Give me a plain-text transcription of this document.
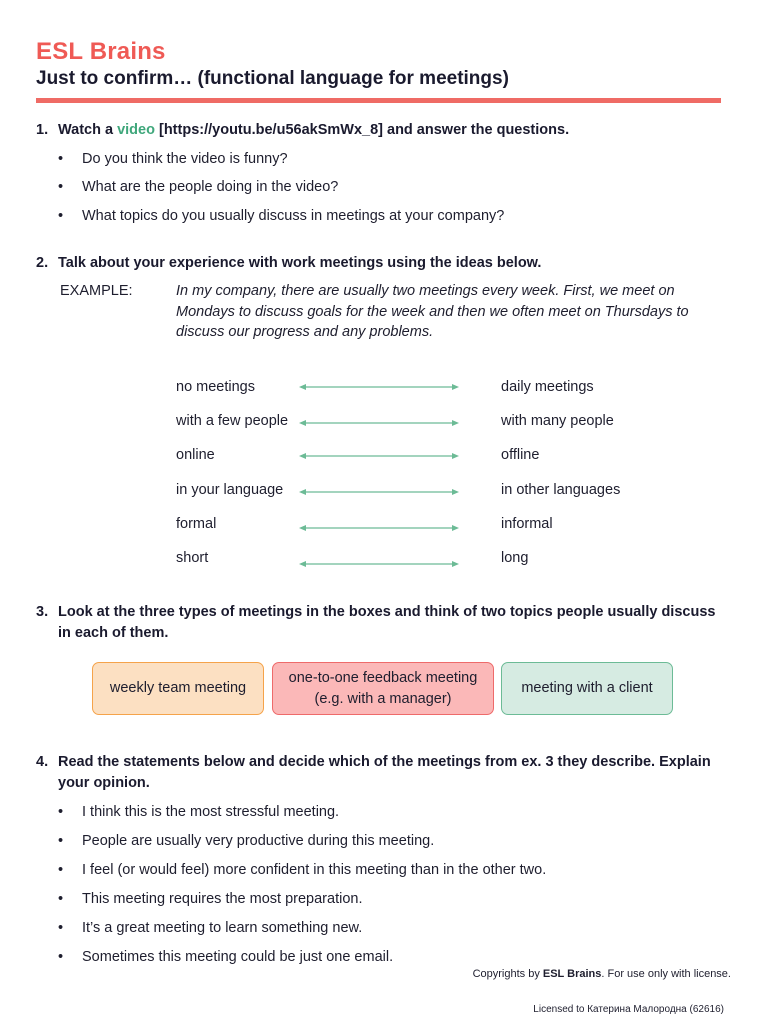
ESL Brains
Just to confirm… (functional language for meetings)
1. Watch a video [https://youtu.be/u56akSmWx_8] and answer the questions.
• Do you think the video is funny?
• What are the people doing in the video?
• What topics do you usually discuss in meetings at your company?
2. Talk about your experience with work meetings using the ideas below.
EXAMPLE:	In my company, there are usually two meetings every week. First, we meet on Mondays to discuss goals for the week and then we often meet on Thursdays to discuss our progress and any problems.
no meetings	daily meetings
with a few people	with many people
online	offline
in your language	in other languages
formal	informal
short	long
3. Look at the three types of meetings in the boxes and think of two topics people usually discuss in each of them.
weekly team meeting
one-to-one feedback meeting (e.g. with a manager)
meeting with a client
4. Read the statements below and decide which of the meetings from ex. 3 they describe. Explain your opinion.
• I think this is the most stressful meeting.
• People are usually very productive during this meeting.
• I feel (or would feel) more confident in this meeting than in the other two.
• This meeting requires the most preparation.
• It’s a great meeting to learn something new.
• Sometimes this meeting could be just one email.
Copyrights by ESL Brains. For use only with license.
Licensed to Катерина Малородна (62616)
